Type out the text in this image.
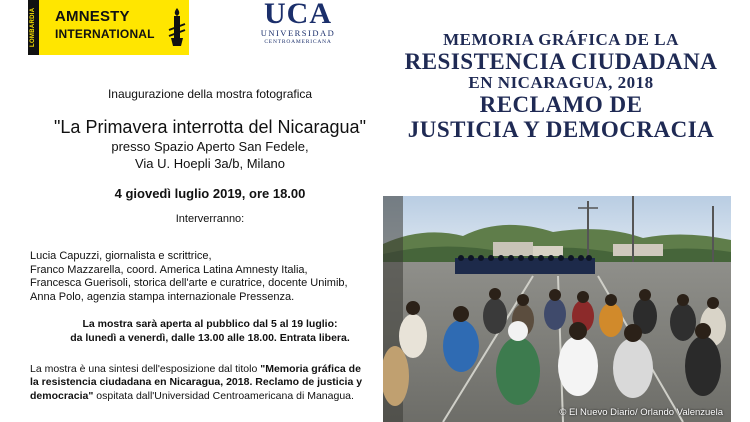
LOMBARDIA AMNESTY
INTERNATIONAL
UCA
UNIVERSIDAD
CENTROAMERICANA
Inaugurazione della mostra fotografica
"La Primavera interrotta del Nicaragua"
presso Spazio Aperto San Fedele,
Via U. Hoepli 3a/b, Milano
4 giovedì luglio 2019, ore 18.00
Interverranno:
Lucia Capuzzi, giornalista e scrittrice,
Franco Mazzarella, coord. America Latina Amnesty Italia,
Francesca Guerisoli, storica dell'arte e curatrice, docente Unimib,
Anna Polo, agenzia stampa internazionale Pressenza.
La mostra sarà aperta al pubblico dal 5 al 19 luglio:
da lunedì a venerdì, dalle 13.00 alle 18.00. Entrata libera.
La mostra è una sintesi dell'esposizione dal titolo "Memoria gráfica de la resistencia ciudadana en Nicaragua, 2018. Reclamo de justicia y democracia" ospitata dall'Universidad Centroamericana di Managua.
MEMORIA GRÁFICA DE LA
RESISTENCIA CIUDADANA
EN NICARAGUA, 2018
RECLAMO DE
JUSTICIA Y DEMOCRACIA
© El Nuevo Diario/ Orlando Valenzuela
